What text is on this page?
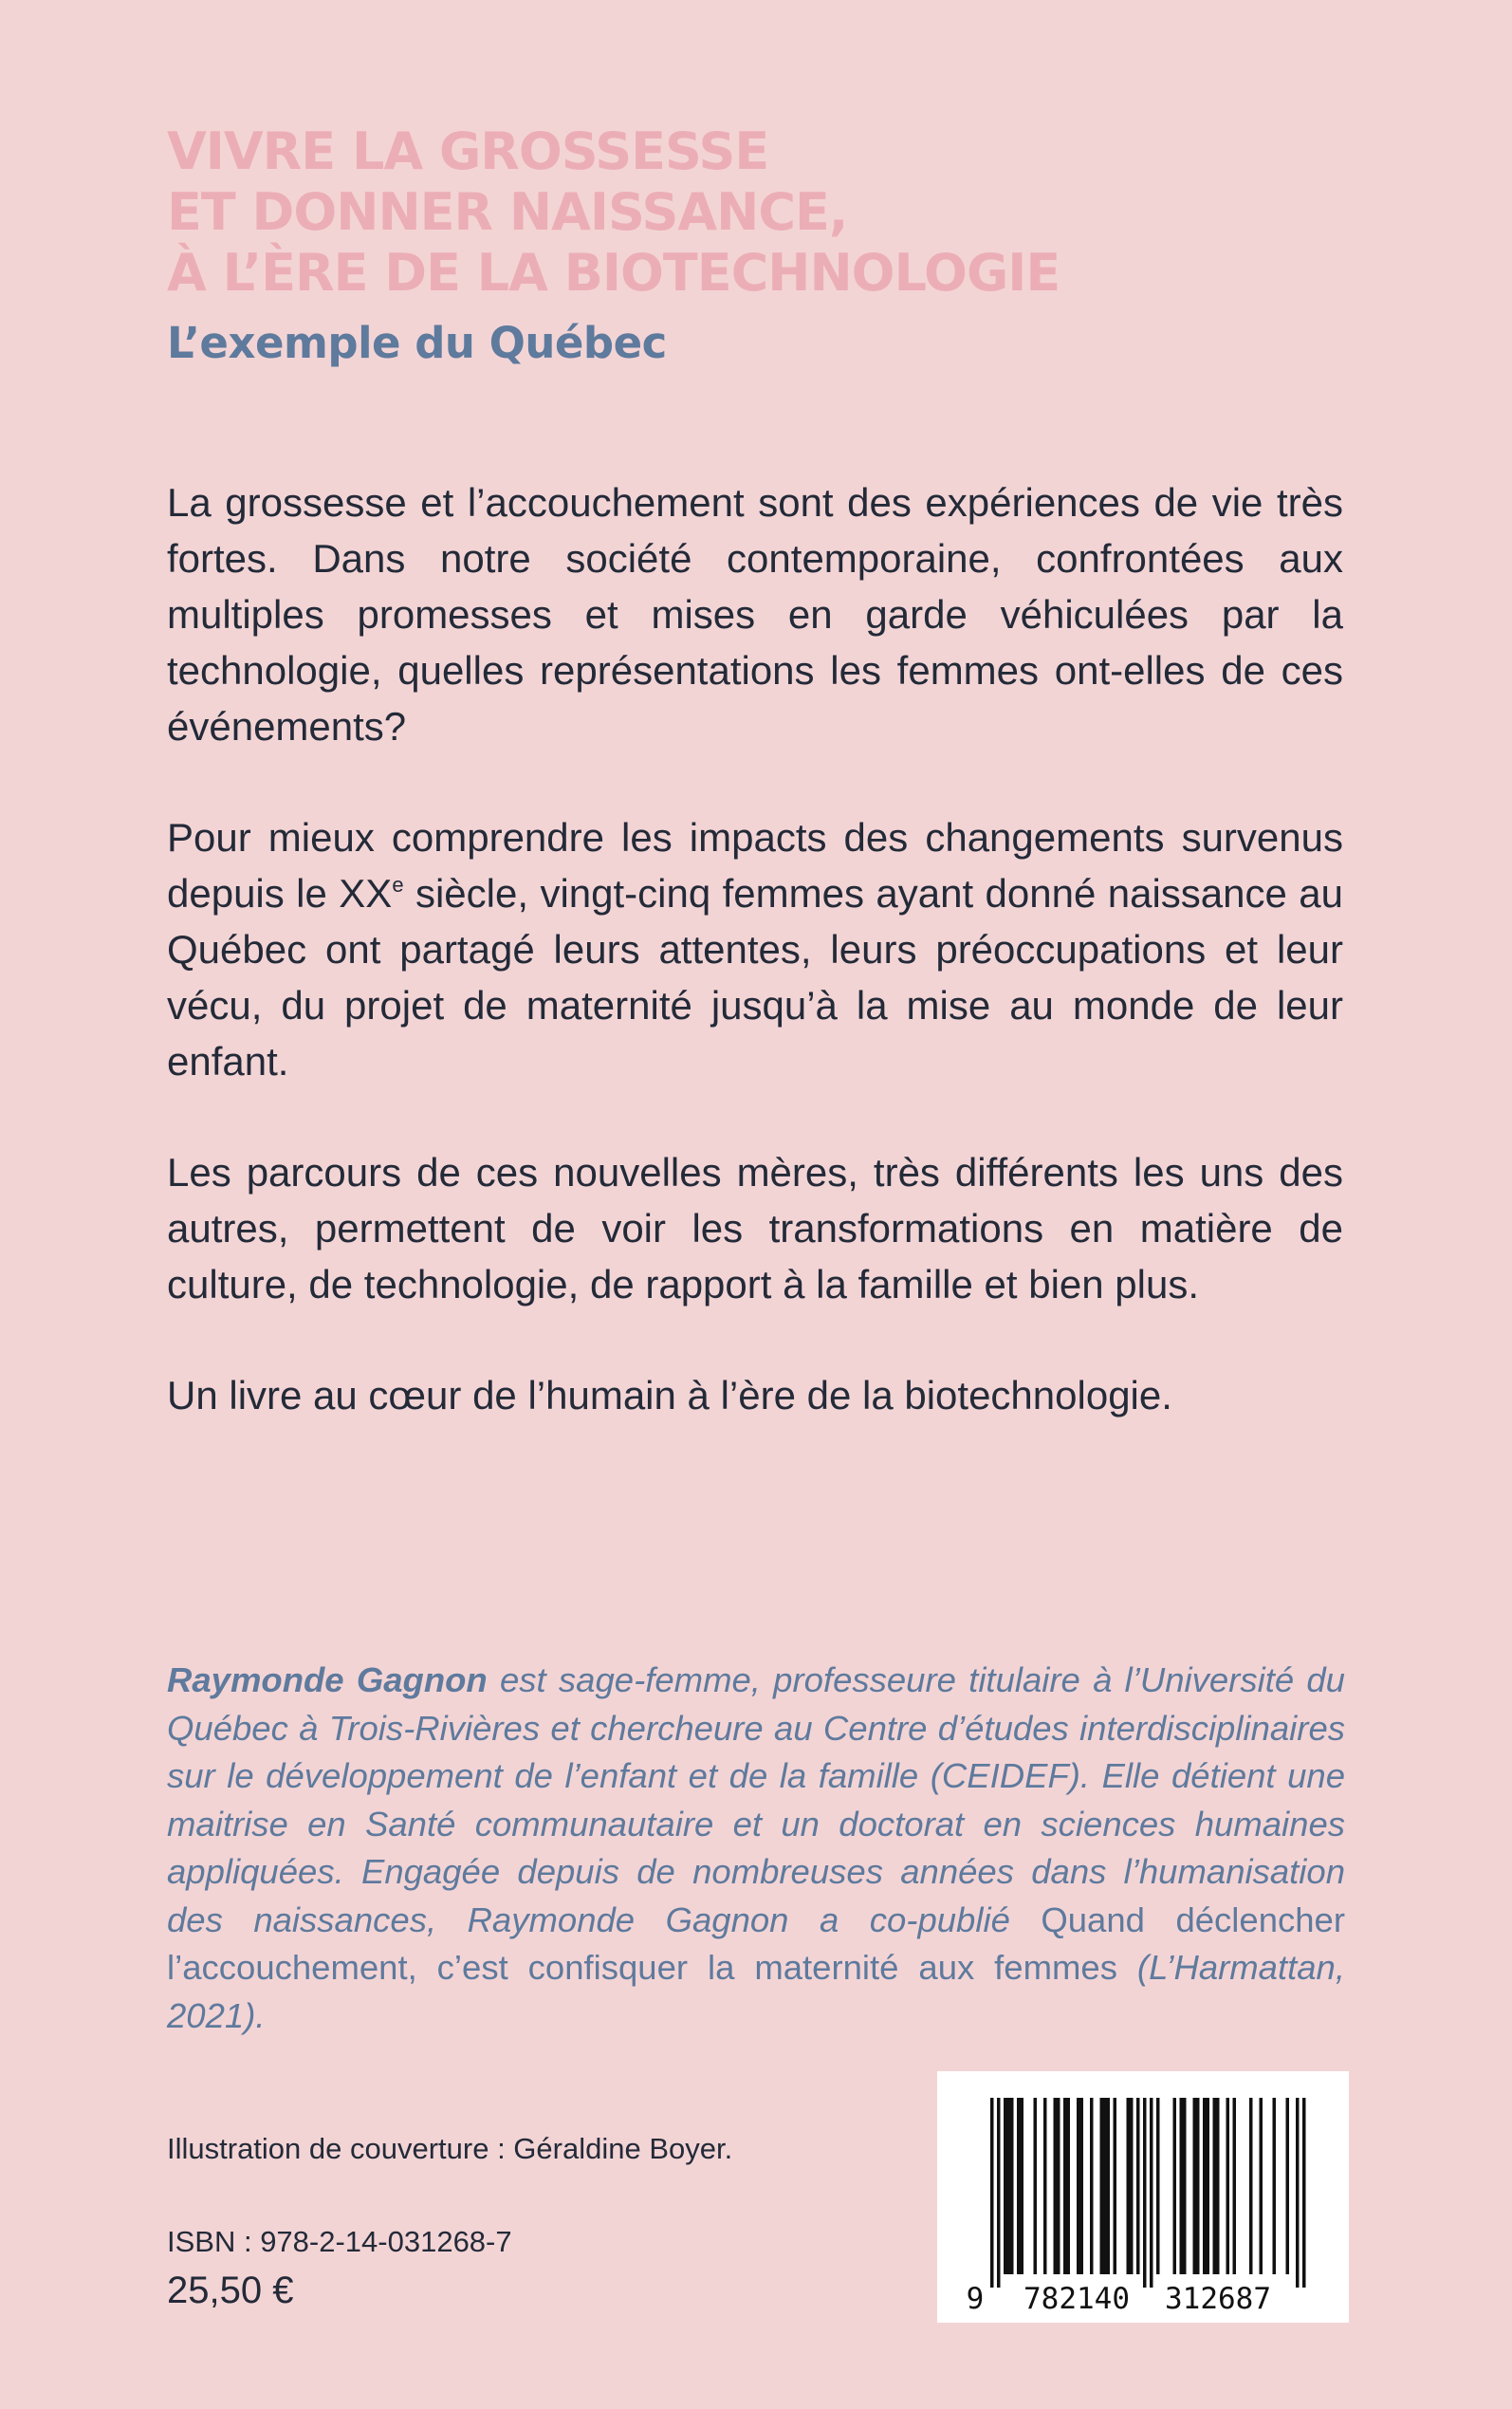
VIVRE LA GROSSESSE
ET DONNER NAISSANCE,
À L’ÈRE DE LA BIOTECHNOLOGIE
L’exemple du Québec

La grossesse et l’accouchement sont des expériences de vie très fortes. Dans notre société contemporaine, confrontées aux multiples promesses et mises en garde véhiculées par la technologie, quelles représentations les femmes ont-elles de ces événements?

Pour mieux comprendre les impacts des changements survenus depuis le XXe siècle, vingt-cinq femmes ayant donné naissance au Québec ont partagé leurs attentes, leurs préoccupations et leur vécu, du projet de maternité jusqu’à la mise au monde de leur enfant.

Les parcours de ces nouvelles mères, très différents les uns des autres, permettent de voir les transformations en matière de culture, de technologie, de rapport à la famille et bien plus.

Un livre au cœur de l’humain à l’ère de la biotechnologie.

Raymonde Gagnon est sage-femme, professeure titulaire à l’Université du Québec à Trois-Rivières et chercheure au Centre d’études interdisciplinaires sur le développement de l’enfant et de la famille (CEIDEF). Elle détient une maitrise en Santé communautaire et un doctorat en sciences humaines appliquées. Engagée depuis de nombreuses années dans l’humanisation des naissances, Raymonde Gagnon a co-publié Quand déclencher l’accouchement, c’est confisquer la maternité aux femmes (L’Harmattan, 2021).

Illustration de couverture : Géraldine Boyer.
ISBN : 978-2-14-031268-7
25,50 €	9 782140 312687
